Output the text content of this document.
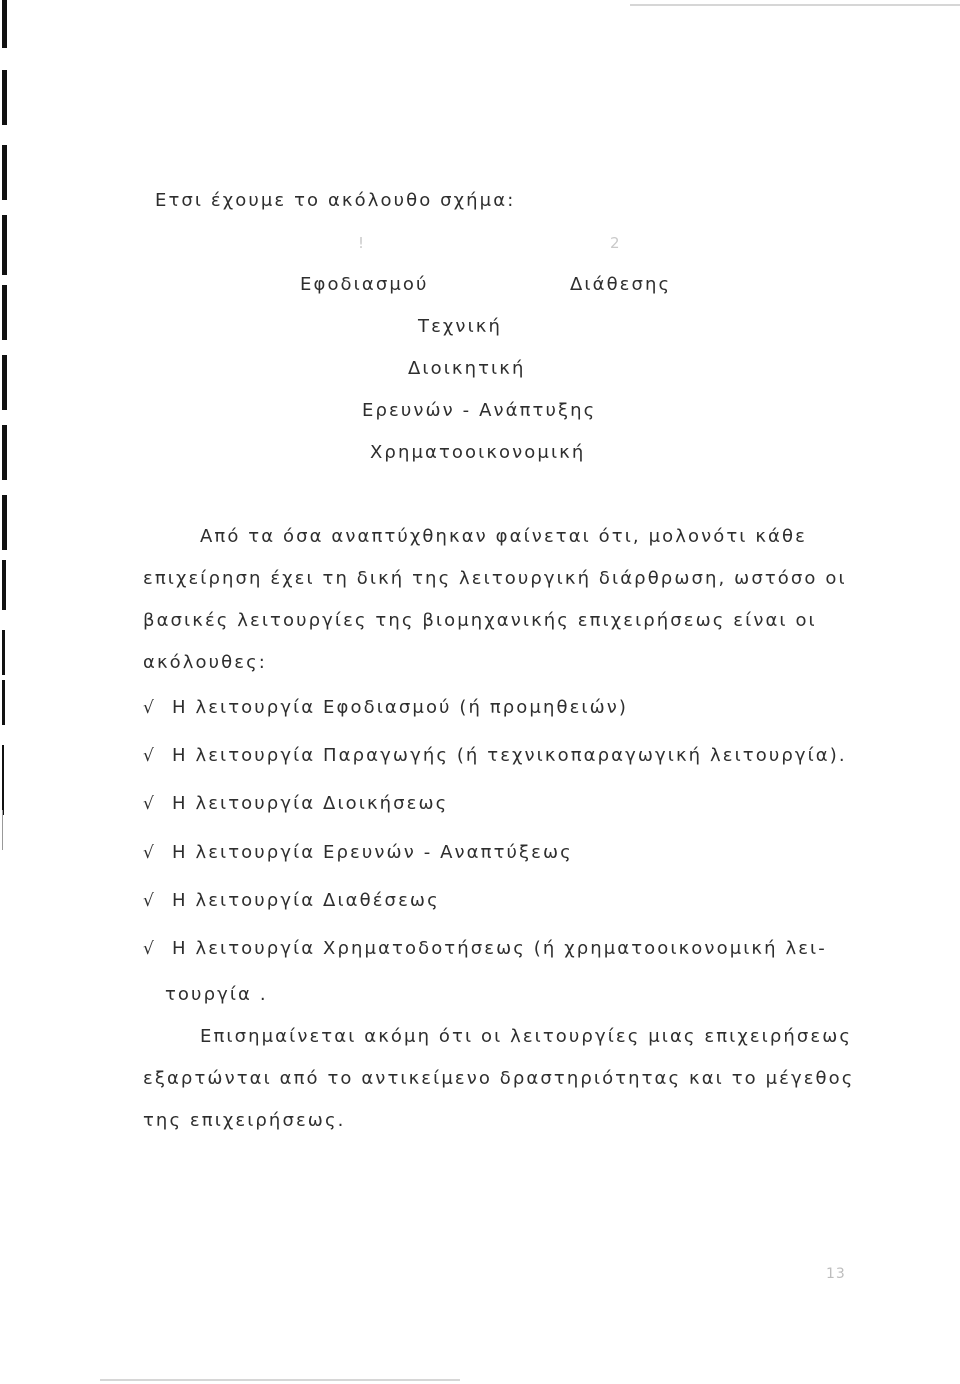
Ετσι έχουμε το ακόλουθο σχήμα:
!	2
Εφοδιασμού	Διάθεσης
Τεχνική
Διοικητική
Ερευνών - Ανάπτυξης
Χρηματοοικονομική
Από τα όσα αναπτύχθηκαν φαίνεται ότι, μολονότι κάθε
επιχείρηση έχει τη δική της λειτουργική διάρθρωση, ωστόσο οι
βασικές λειτουργίες της βιομηχανικής επιχειρήσεως είναι οι
ακόλουθες:
√ Η λειτουργία Εφοδιασμού (ή προμηθειών)
√ Η λειτουργία Παραγωγής (ή τεχνικοπαραγωγική λειτουργία).
√ Η λειτουργία Διοικήσεως
√ Η λειτουργία Ερευνών - Αναπτύξεως
√ Η λειτουργία Διαθέσεως
√ Η λειτουργία Χρηματοδοτήσεως (ή χρηματοοικονομική λει-
τουργία .
Επισημαίνεται ακόμη ότι οι λειτουργίες μιας επιχειρήσεως
εξαρτώνται από το αντικείμενο δραστηριότητας και το μέγεθος
της επιχειρήσεως.
13
